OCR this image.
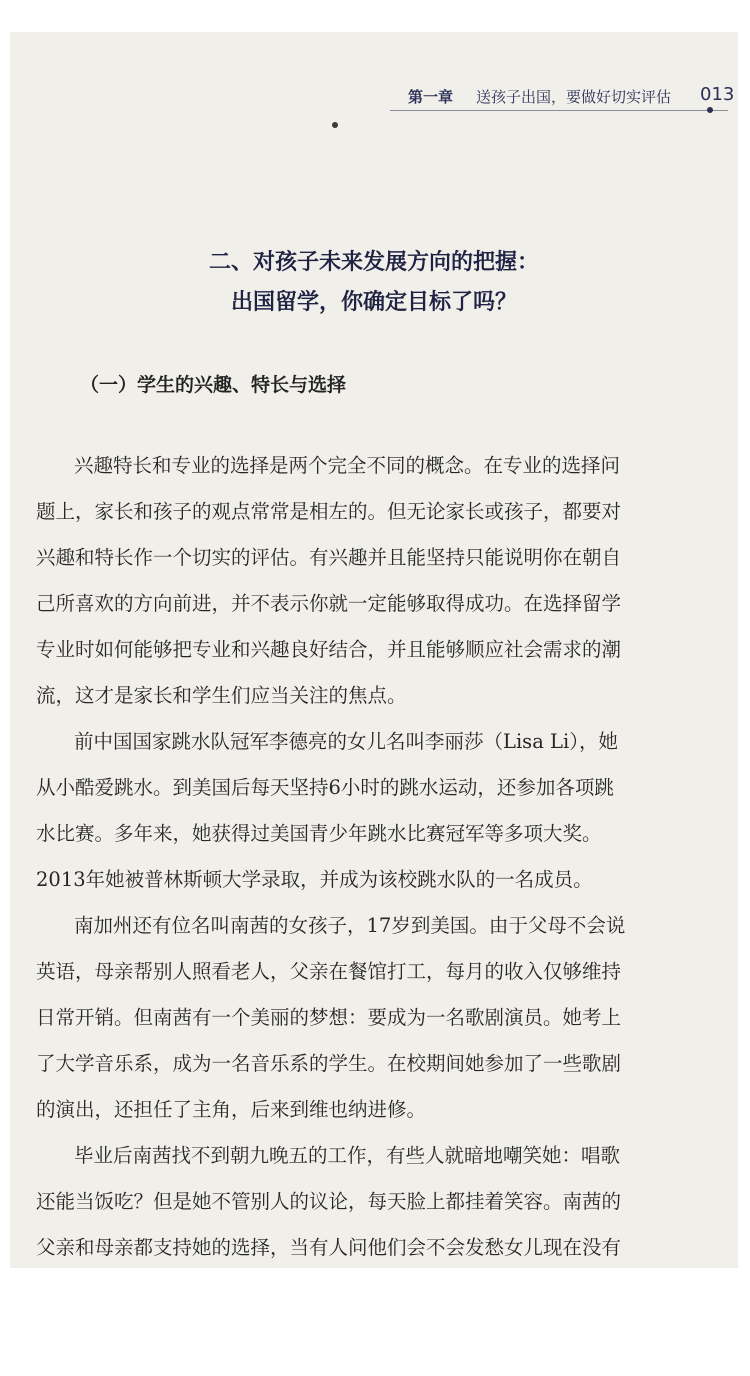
第一章 送孩子出国，要做好切实评估 013
二、对孩子未来发展方向的把握：
出国留学，你确定目标了吗？
（一）学生的兴趣、特长与选择
兴趣特长和专业的选择是两个完全不同的概念。在专业的选择问
题上，家长和孩子的观点常常是相左的。但无论家长或孩子，都要对
兴趣和特长作一个切实的评估。有兴趣并且能坚持只能说明你在朝自
己所喜欢的方向前进，并不表示你就一定能够取得成功。在选择留学
专业时如何能够把专业和兴趣良好结合，并且能够顺应社会需求的潮
流，这才是家长和学生们应当关注的焦点。
前中国国家跳水队冠军李德亮的女儿名叫李丽莎（Lisa Li），她
从小酷爱跳水。到美国后每天坚持6小时的跳水运动，还参加各项跳
水比赛。多年来，她获得过美国青少年跳水比赛冠军等多项大奖。
2013年她被普林斯顿大学录取，并成为该校跳水队的一名成员。
南加州还有位名叫南茜的女孩子，17岁到美国。由于父母不会说
英语，母亲帮别人照看老人，父亲在餐馆打工，每月的收入仅够维持
日常开销。但南茜有一个美丽的梦想：要成为一名歌剧演员。她考上
了大学音乐系，成为一名音乐系的学生。在校期间她参加了一些歌剧
的演出，还担任了主角，后来到维也纳进修。
毕业后南茜找不到朝九晚五的工作，有些人就暗地嘲笑她：唱歌
还能当饭吃？但是她不管别人的议论，每天脸上都挂着笑容。南茜的
父亲和母亲都支持她的选择，当有人问他们会不会发愁女儿现在没有
